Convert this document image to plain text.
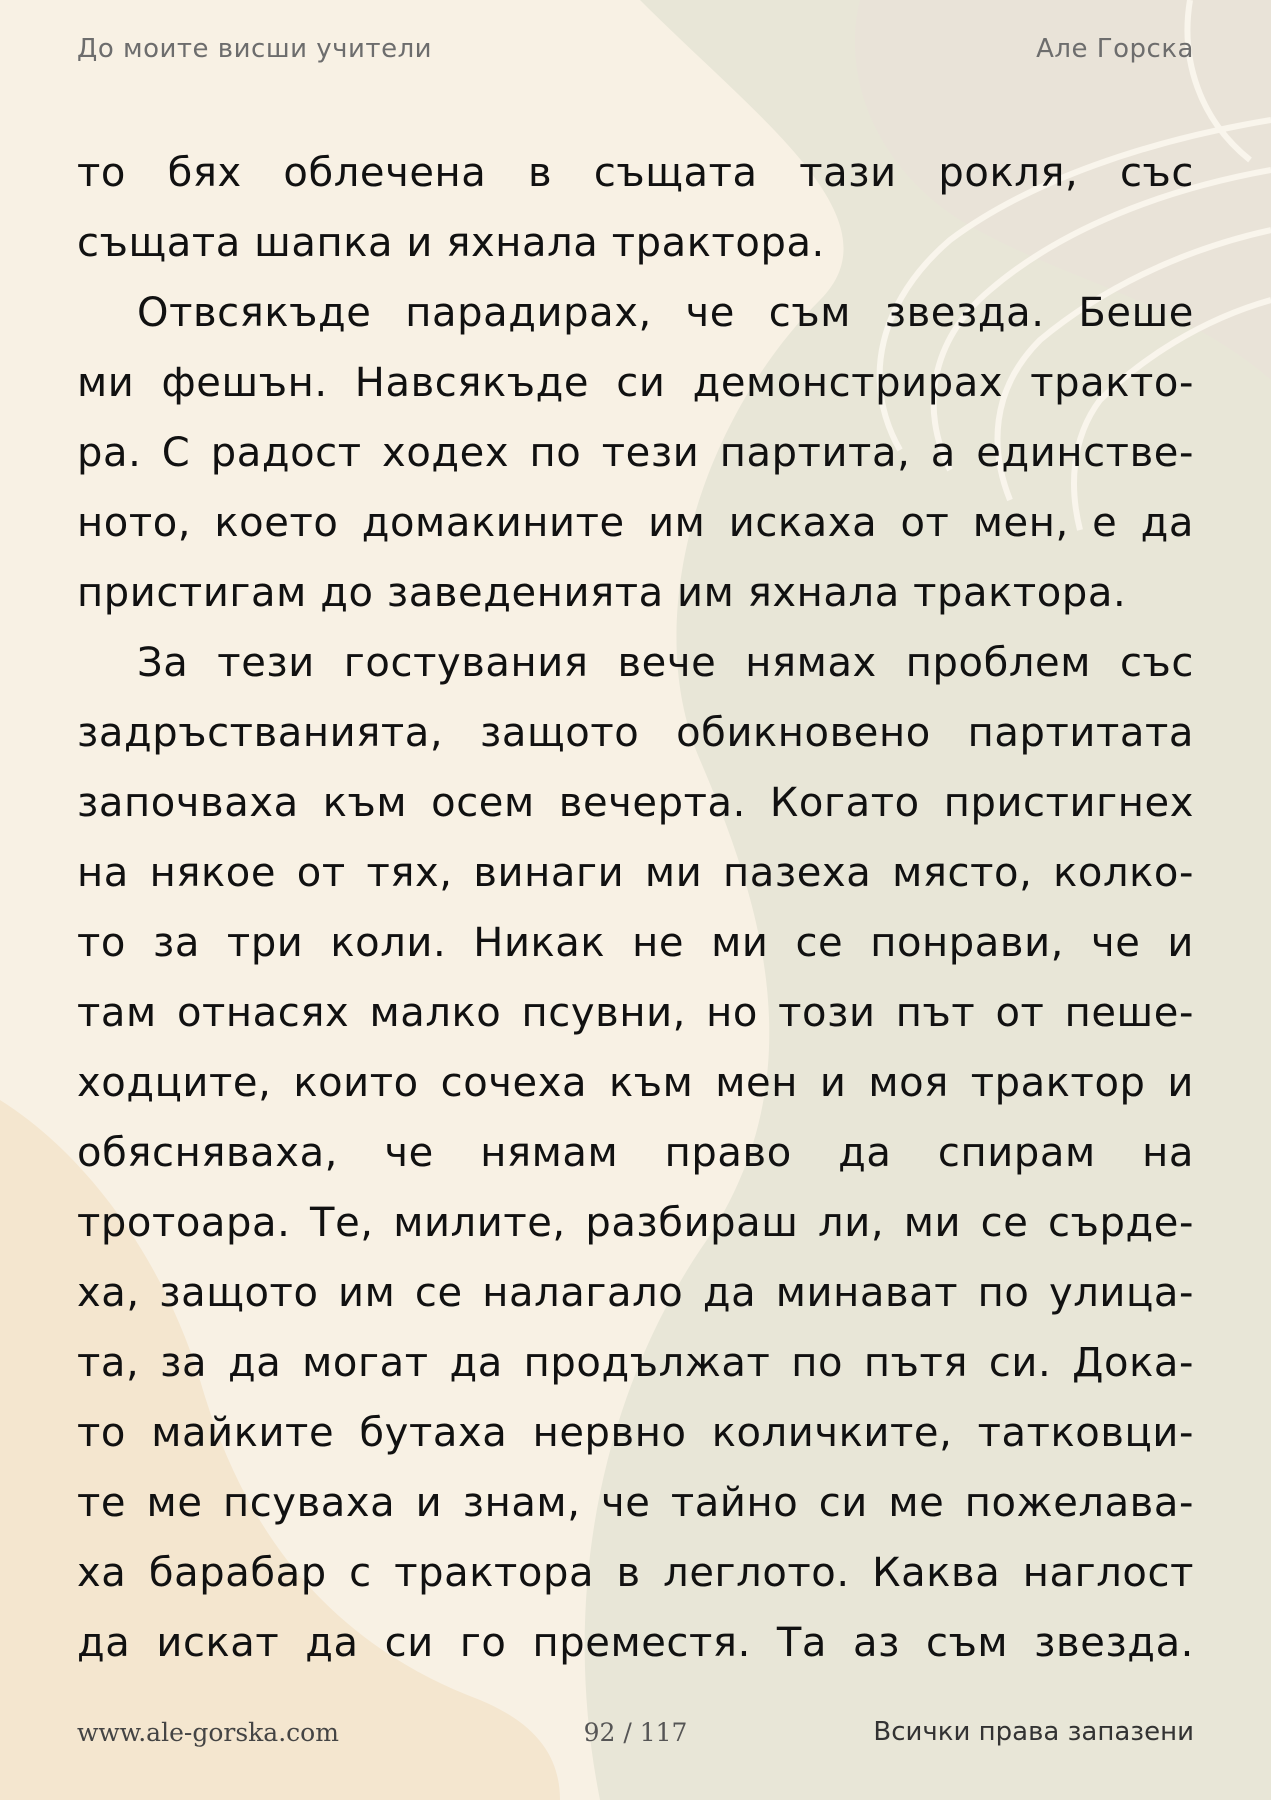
До моите висши учители	Але Горска

то бях облечена в същата тази рокля, със
същата шапка и яхнала трактора.

Отвсякъде парадирах, че съм звезда. Беше
ми фешън. Навсякъде си демонстрирах тракто-
ра. С радост ходех по тези партита, а единстве-
ното, което домакините им искаха от мен, е да
пристигам до заведенията им яхнала трактора.

За тези гостувания вече нямах проблем със
задръстванията, защото обикновено партитата
започваха към осем вечерта. Когато пристигнех
на някое от тях, винаги ми пазеха място, колко-
то за три коли. Никак не ми се понрави, че и
там отнасях малко псувни, но този път от пеше-
ходците, които сочеха към мен и моя трактор и
обясняваха, че нямам право да спирам на
тротоара. Те, милите, разбираш ли, ми се сърде-
ха, защото им се налагало да минават по улица-
та, за да могат да продължат по пътя си. Дока-
то майките бутаха нервно количките, татковци-
те ме псуваха и знам, че тайно си ме пожелава-
ха барабар с трактора в леглото. Каква наглост
да искат да си го преместя. Та аз съм звезда.

www.ale-gorska.com	92 / 117	Всички права запазени
